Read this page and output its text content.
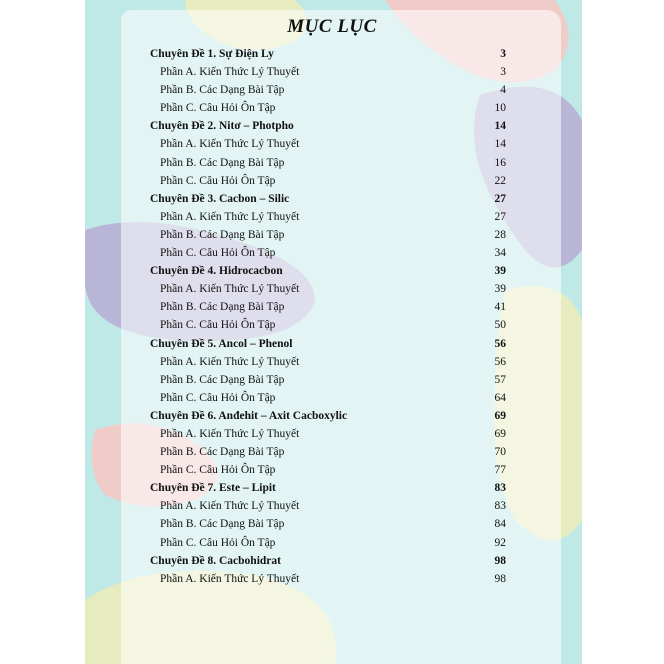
MỤC LỤC
Chuyên Đề 1. Sự Điện Ly	3
Phần A. Kiến Thức Lý Thuyết	3
Phần B. Các Dạng Bài Tập	4
Phần C. Câu Hỏi Ôn Tập	10
Chuyên Đề 2. Nitơ – Photpho	14
Phần A. Kiến Thức Lý Thuyết	14
Phần B. Các Dạng Bài Tập	16
Phần C. Câu Hỏi Ôn Tập	22
Chuyên Đề 3. Cacbon – Silic	27
Phần A. Kiến Thức Lý Thuyết	27
Phần B. Các Dạng Bài Tập	28
Phần C. Câu Hỏi Ôn Tập	34
Chuyên Đề 4. Hidrocacbon	39
Phần A. Kiến Thức Lý Thuyết	39
Phần B. Các Dạng Bài Tập	41
Phần C. Câu Hỏi Ôn Tập	50
Chuyên Đề 5. Ancol – Phenol	56
Phần A. Kiến Thức Lý Thuyết	56
Phần B. Các Dạng Bài Tập	57
Phần C. Câu Hỏi Ôn Tập	64
Chuyên Đề 6. Anđehit – Axit Cacboxylic	69
Phần A. Kiến Thức Lý Thuyết	69
Phần B. Các Dạng Bài Tập	70
Phần C. Câu Hỏi Ôn Tập	77
Chuyên Đề 7. Este – Lipit	83
Phần A. Kiến Thức Lý Thuyết	83
Phần B. Các Dạng Bài Tập	84
Phần C. Câu Hỏi Ôn Tập	92
Chuyên Đề 8. Cacbohidrat	98
Phần A. Kiến Thức Lý Thuyết	98
